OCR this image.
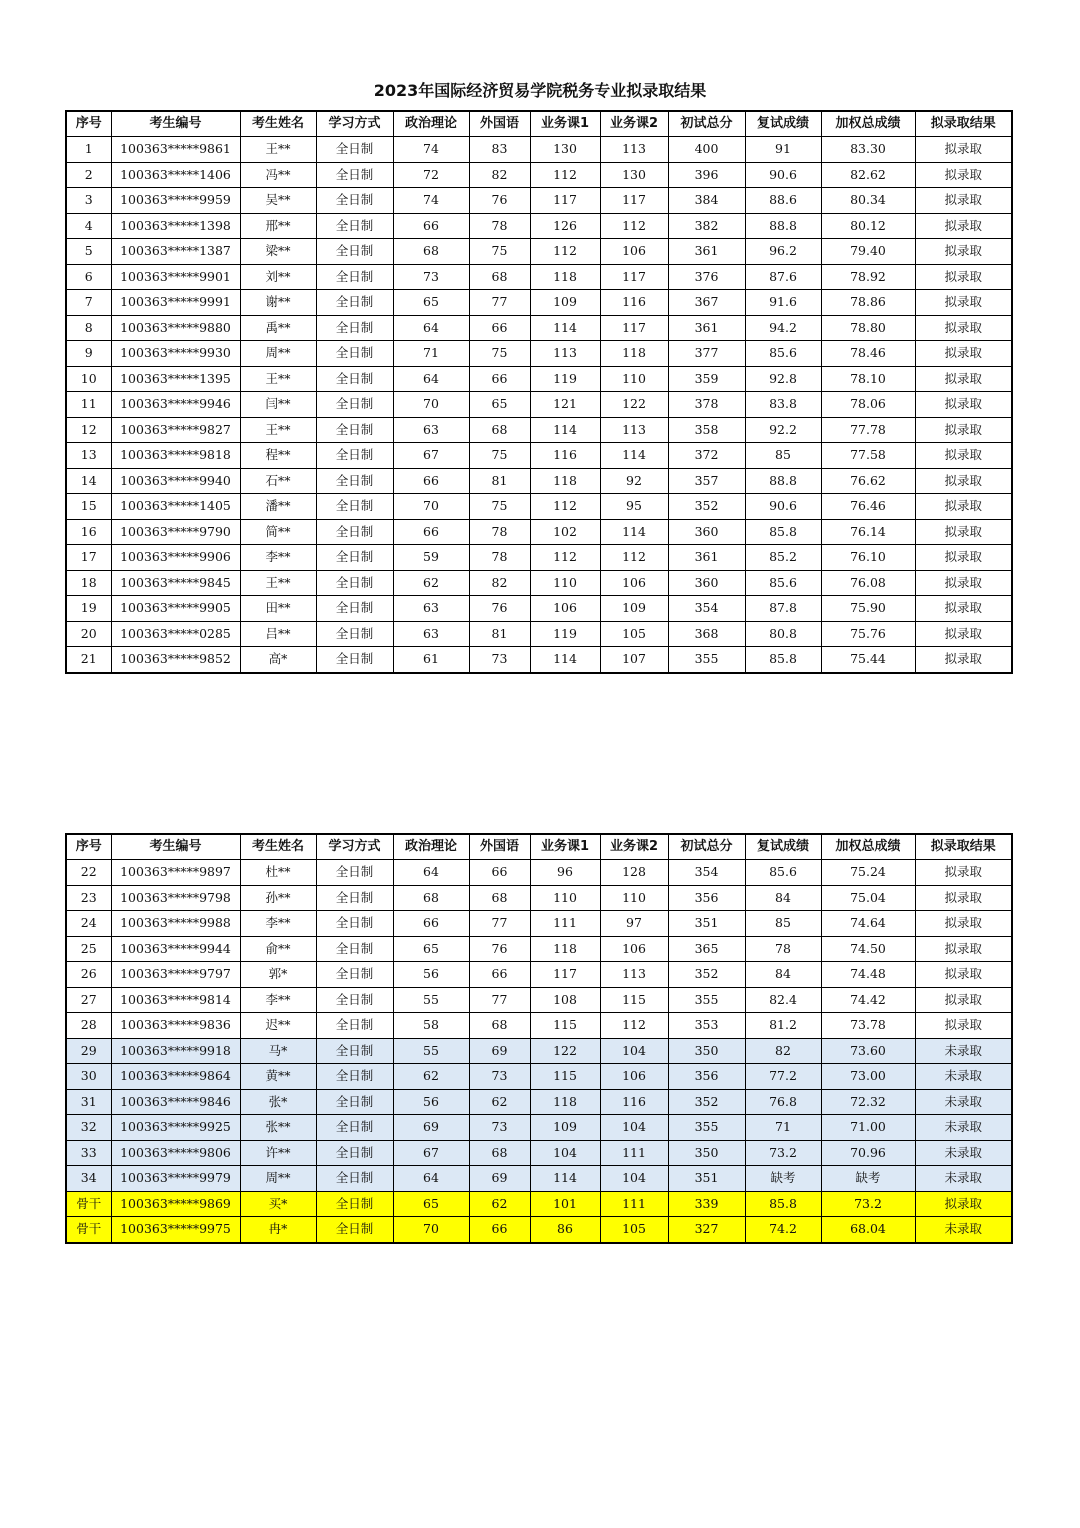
2023年国际经济贸易学院税务专业拟录取结果
序号	考生编号	考生姓名	学习方式	政治理论	外国语	业务课1	业务课2	初试总分	复试成绩	加权总成绩	拟录取结果
1	100363*****9861	王**	全日制	74	83	130	113	400	91	83.30	拟录取
2	100363*****1406	冯**	全日制	72	82	112	130	396	90.6	82.62	拟录取
3	100363*****9959	吴**	全日制	74	76	117	117	384	88.6	80.34	拟录取
4	100363*****1398	邢**	全日制	66	78	126	112	382	88.8	80.12	拟录取
5	100363*****1387	梁**	全日制	68	75	112	106	361	96.2	79.40	拟录取
6	100363*****9901	刘**	全日制	73	68	118	117	376	87.6	78.92	拟录取
7	100363*****9991	谢**	全日制	65	77	109	116	367	91.6	78.86	拟录取
8	100363*****9880	禹**	全日制	64	66	114	117	361	94.2	78.80	拟录取
9	100363*****9930	周**	全日制	71	75	113	118	377	85.6	78.46	拟录取
10	100363*****1395	王**	全日制	64	66	119	110	359	92.8	78.10	拟录取
11	100363*****9946	闫**	全日制	70	65	121	122	378	83.8	78.06	拟录取
12	100363*****9827	王**	全日制	63	68	114	113	358	92.2	77.78	拟录取
13	100363*****9818	程**	全日制	67	75	116	114	372	85	77.58	拟录取
14	100363*****9940	石**	全日制	66	81	118	92	357	88.8	76.62	拟录取
15	100363*****1405	潘**	全日制	70	75	112	95	352	90.6	76.46	拟录取
16	100363*****9790	简**	全日制	66	78	102	114	360	85.8	76.14	拟录取
17	100363*****9906	李**	全日制	59	78	112	112	361	85.2	76.10	拟录取
18	100363*****9845	王**	全日制	62	82	110	106	360	85.6	76.08	拟录取
19	100363*****9905	田**	全日制	63	76	106	109	354	87.8	75.90	拟录取
20	100363*****0285	吕**	全日制	63	81	119	105	368	80.8	75.76	拟录取
21	100363*****9852	高*	全日制	61	73	114	107	355	85.8	75.44	拟录取
序号	考生编号	考生姓名	学习方式	政治理论	外国语	业务课1	业务课2	初试总分	复试成绩	加权总成绩	拟录取结果
22	100363*****9897	杜**	全日制	64	66	96	128	354	85.6	75.24	拟录取
23	100363*****9798	孙**	全日制	68	68	110	110	356	84	75.04	拟录取
24	100363*****9988	李**	全日制	66	77	111	97	351	85	74.64	拟录取
25	100363*****9944	俞**	全日制	65	76	118	106	365	78	74.50	拟录取
26	100363*****9797	郭*	全日制	56	66	117	113	352	84	74.48	拟录取
27	100363*****9814	李**	全日制	55	77	108	115	355	82.4	74.42	拟录取
28	100363*****9836	迟**	全日制	58	68	115	112	353	81.2	73.78	拟录取
29	100363*****9918	马*	全日制	55	69	122	104	350	82	73.60	未录取
30	100363*****9864	黄**	全日制	62	73	115	106	356	77.2	73.00	未录取
31	100363*****9846	张*	全日制	56	62	118	116	352	76.8	72.32	未录取
32	100363*****9925	张**	全日制	69	73	109	104	355	71	71.00	未录取
33	100363*****9806	许**	全日制	67	68	104	111	350	73.2	70.96	未录取
34	100363*****9979	周**	全日制	64	69	114	104	351	缺考	缺考	未录取
骨干	100363*****9869	买*	全日制	65	62	101	111	339	85.8	73.2	拟录取
骨干	100363*****9975	冉*	全日制	70	66	86	105	327	74.2	68.04	未录取
